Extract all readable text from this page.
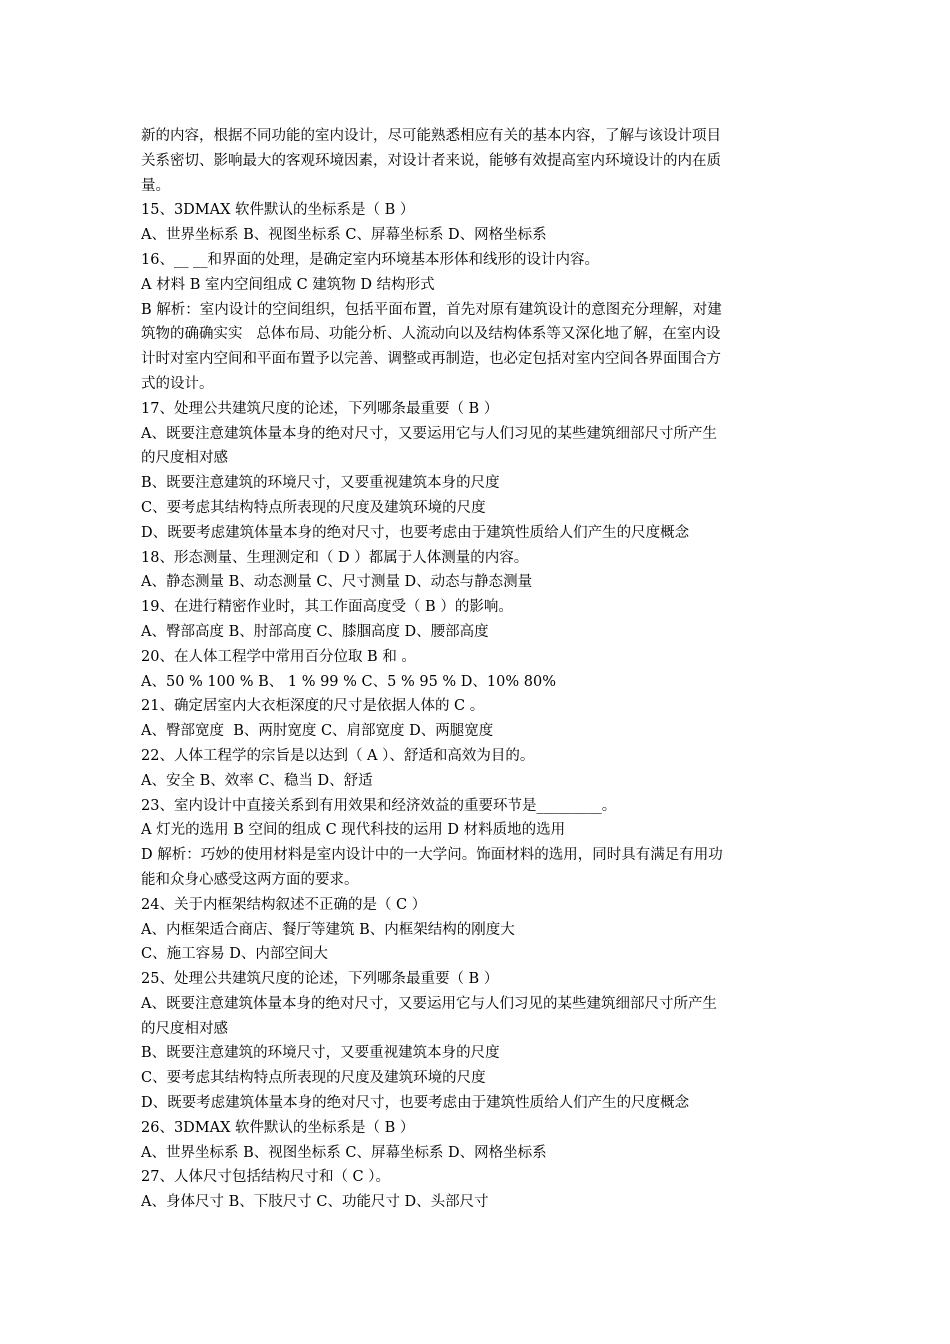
新的内容，根据不同功能的室内设计，尽可能熟悉相应有关的基本内容，了解与该设计项目
关系密切、影响最大的客观环境因素，对设计者来说，能够有效提高室内环境设计的内在质
量。
15、3DMAX 软件默认的坐标系是（ B ）
A、世界坐标系 B、视图坐标系 C、屏幕坐标系 D、网格坐标系
16、__ __和界面的处理，是确定室内环境基本形体和线形的设计内容。
A 材料 B 室内空间组成 C 建筑物 D 结构形式
B 解析：室内设计的空间组织，包括平面布置，首先对原有建筑设计的意图充分理解，对建
筑物的确确实实   总体布局、功能分析、人流动向以及结构体系等又深化地了解，在室内设
计时对室内空间和平面布置予以完善、调整或再制造，也必定包括对室内空间各界面围合方
式的设计。
17、处理公共建筑尺度的论述，下列哪条最重要（ B ）
A、既要注意建筑体量本身的绝对尺寸，又要运用它与人们习见的某些建筑细部尺寸所产生
的尺度相对感
B、既要注意建筑的环境尺寸，又要重视建筑本身的尺度
C、要考虑其结构特点所表现的尺度及建筑环境的尺度
D、既要考虑建筑体量本身的绝对尺寸，也要考虑由于建筑性质给人们产生的尺度概念
18、形态测量、生理测定和（ D ）都属于人体测量的内容。
A、静态测量 B、动态测量 C、尺寸测量 D、动态与静态测量
19、在进行精密作业时，其工作面高度受（ B ）的影响。
A、臀部高度 B、肘部高度 C、膝腘高度 D、腰部高度
20、在人体工程学中常用百分位取 B 和 。
A、50 % 100 % B、 1 % 99 % C、5 % 95 % D、10% 80%
21、确定居室内大衣柜深度的尺寸是依据人体的 C 。
A、臀部宽度  B、两肘宽度 C、肩部宽度 D、两腿宽度
22、人体工程学的宗旨是以达到（ A ）、舒适和高效为目的。
A、安全 B、效率 C、稳当 D、舒适
23、室内设计中直接关系到有用效果和经济效益的重要环节是_________。
A 灯光的选用 B 空间的组成 C 现代科技的运用 D 材料质地的选用
D 解析：巧妙的使用材料是室内设计中的一大学问。饰面材料的选用，同时具有满足有用功
能和众身心感受这两方面的要求。
24、关于内框架结构叙述不正确的是（ C ）
A、内框架适合商店、餐厅等建筑 B、内框架结构的刚度大
C、施工容易 D、内部空间大
25、处理公共建筑尺度的论述，下列哪条最重要（ B ）
A、既要注意建筑体量本身的绝对尺寸，又要运用它与人们习见的某些建筑细部尺寸所产生
的尺度相对感
B、既要注意建筑的环境尺寸，又要重视建筑本身的尺度
C、要考虑其结构特点所表现的尺度及建筑环境的尺度
D、既要考虑建筑体量本身的绝对尺寸，也要考虑由于建筑性质给人们产生的尺度概念
26、3DMAX 软件默认的坐标系是（ B ）
A、世界坐标系 B、视图坐标系 C、屏幕坐标系 D、网格坐标系
27、人体尺寸包括结构尺寸和（ C ）。
A、身体尺寸 B、下肢尺寸 C、功能尺寸 D、头部尺寸
